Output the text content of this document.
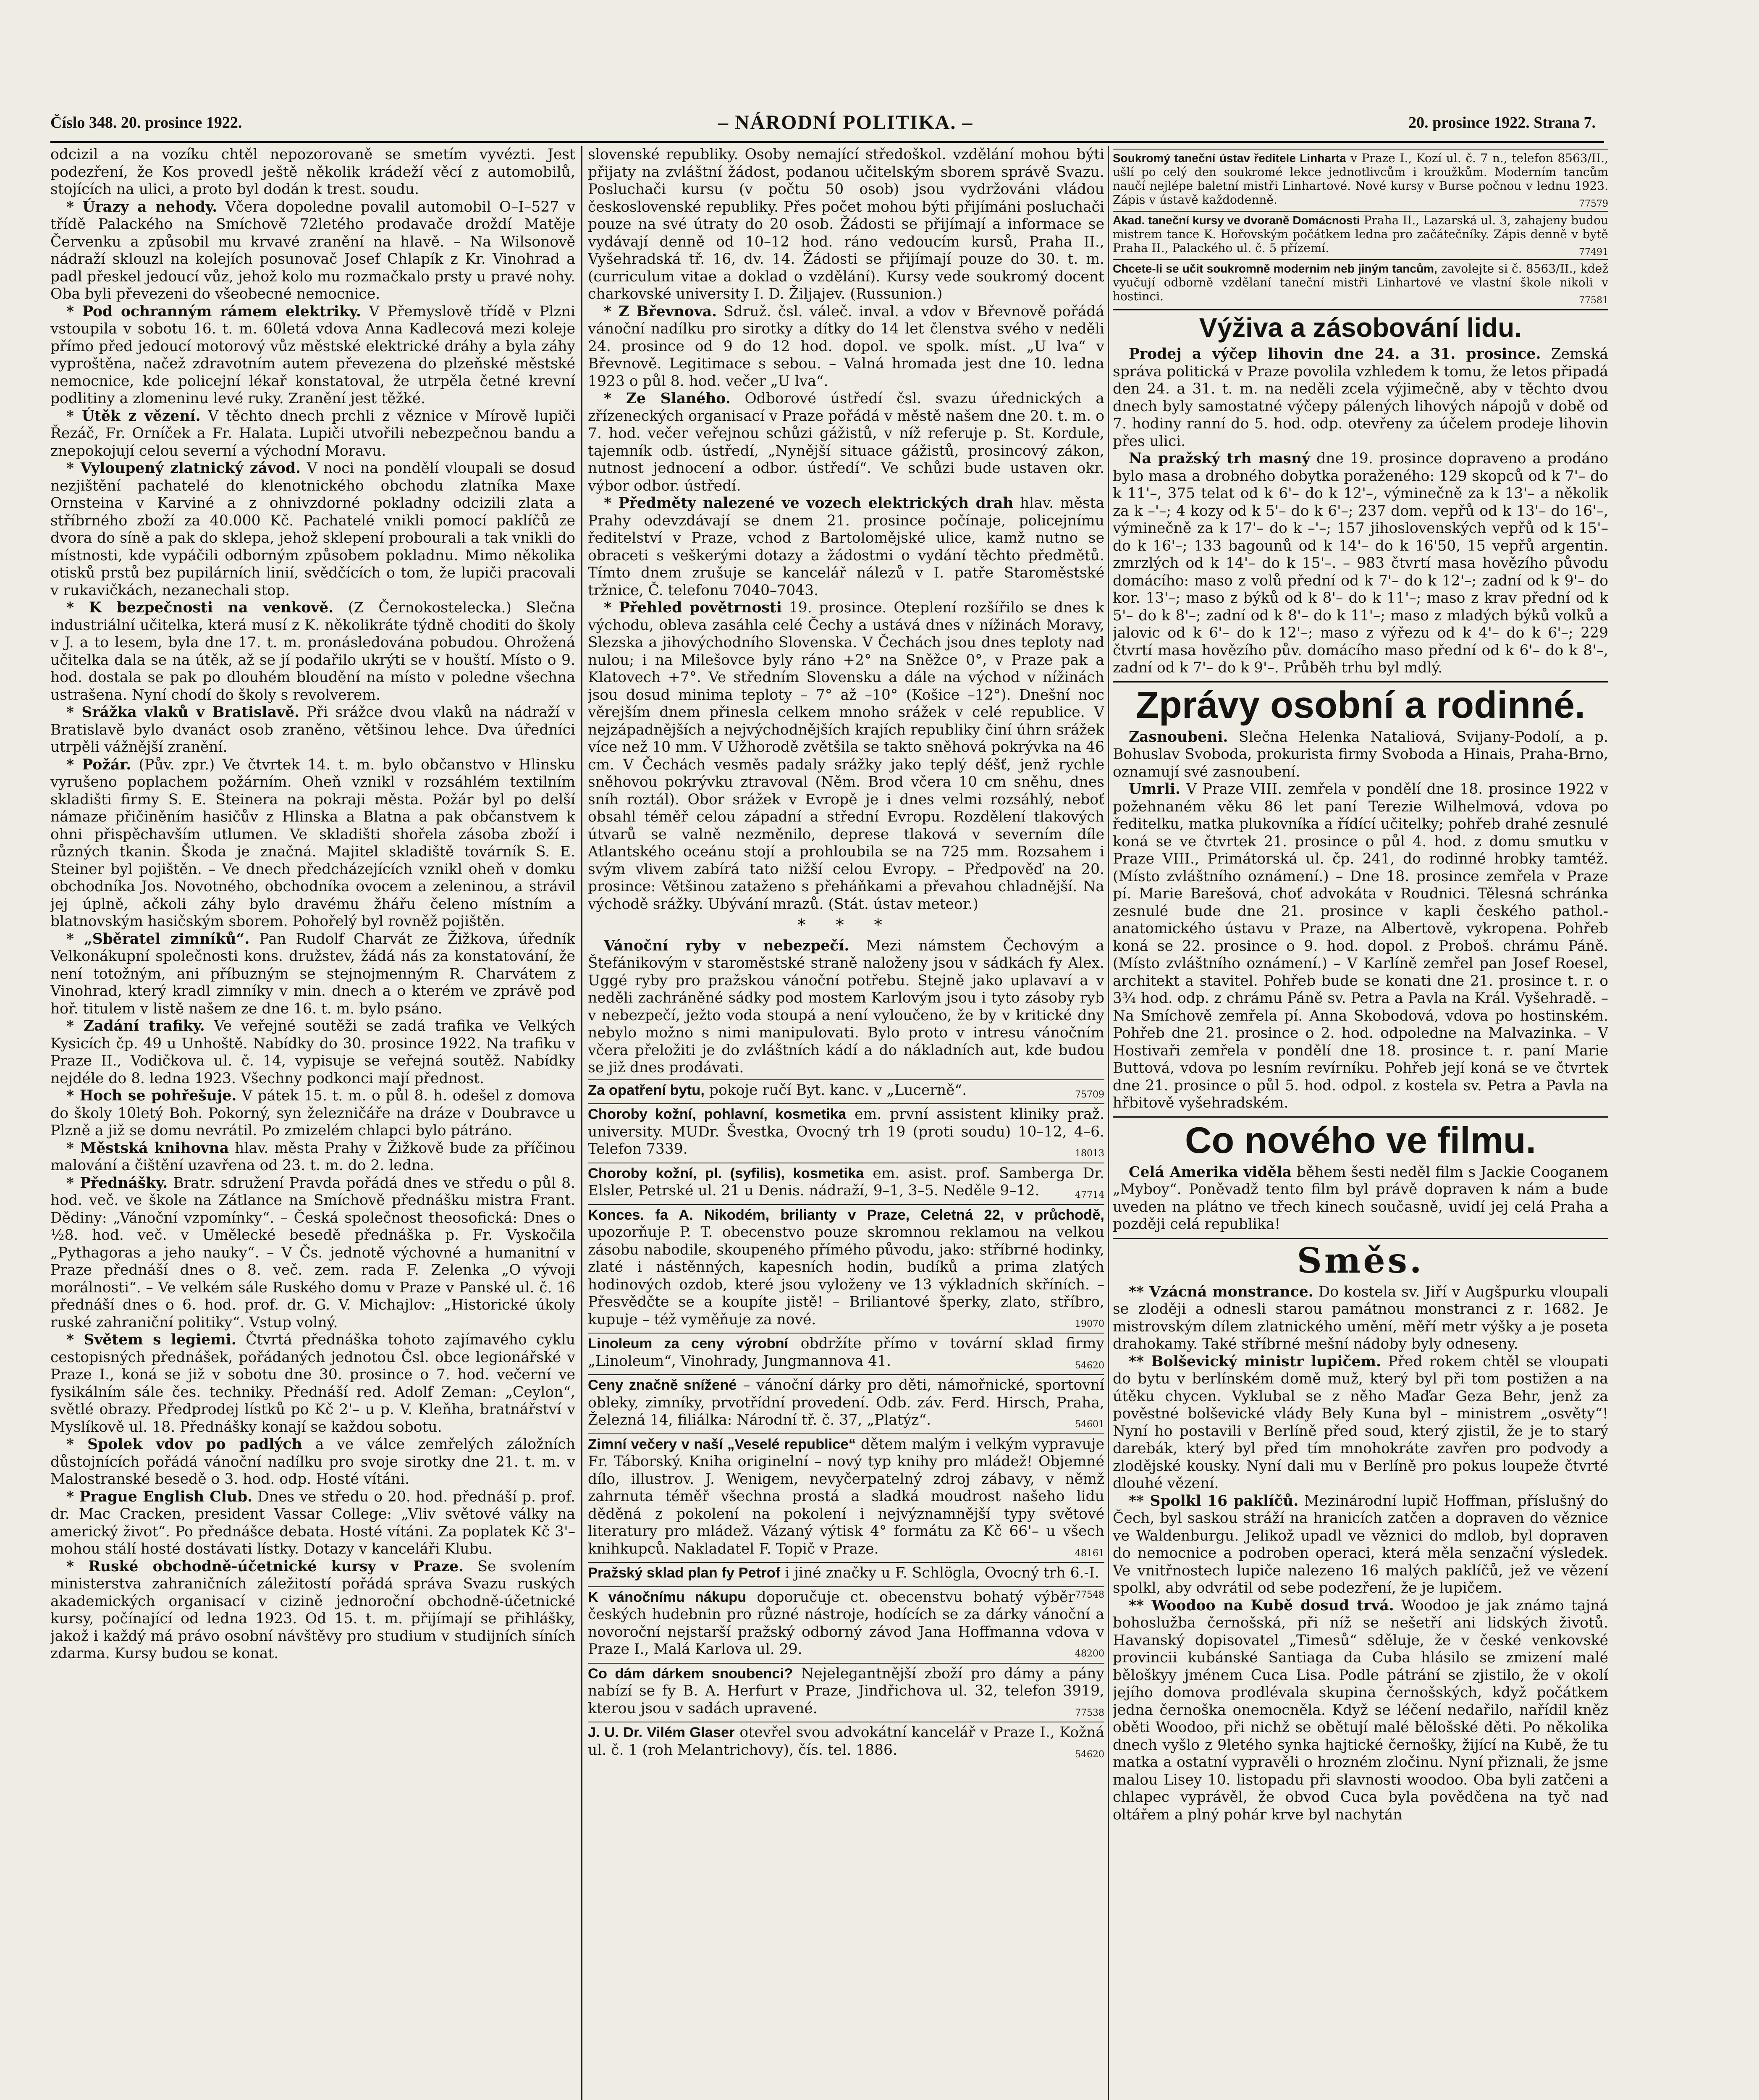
Číslo 348. 20. prosince 1922.	– NÁRODNÍ POLITIKA. –	20. prosince 1922. Strana 7.

odcizil a na vozíku chtěl nepozorovaně se smetím vyvézti. Jest podezření, že Kos provedl ještě několik krádeží věcí z automobilů, stojících na ulici, a proto byl dodán k trest. soudu.

* Úrazy a nehody. Včera dopoledne povalil automobil O–I–527 v třídě Palackého na Smíchově 72letého prodavače droždí Matěje Červenku a způsobil mu krvavé zranění na hlavě. – Na Wilsonově nádraží sklouzl na kolejích posunovač Josef Chlapík z Kr. Vinohrad a padl přeskel jedoucí vůz, jehož kolo mu rozmačkalo prsty u pravé nohy. Oba byli převezeni do všeobecné nemocnice.

* Pod ochranným rámem elektriky. V Přemyslově třídě v Plzni vstoupila v sobotu 16. t. m. 60letá vdova Anna Kadlecová mezi koleje přímo před jedoucí motorový vůz městské elektrické dráhy a byla záhy vyproštěna, načež zdravotním autem převezena do plzeňské městské nemocnice, kde policejní lékař konstatoval, že utrpěla četné krevní podlitiny a zlomeninu levé ruky. Zranění jest těžké.

* Útěk z vězení. V těchto dnech prchli z věznice v Mírově lupiči Řezáč, Fr. Orníček a Fr. Halata. Lupiči utvořili nebezpečnou bandu a znepokojují celou severní a východní Moravu.

* Vyloupený zlatnický závod. V noci na pondělí vloupali se dosud nezjištění pachatelé do klenotnického obchodu zlatníka Maxe Ornsteina v Karviné a z ohnivzdorné pokladny odcizili zlata a stříbrného zboží za 40.000 Kč. Pachatelé vnikli pomocí paklíčů ze dvora do síně a pak do sklepa, jehož sklepení probourali a tak vnikli do místnosti, kde vypáčili odborným způsobem pokladnu. Mimo několika otisků prstů bez pupilárních linií, svědčících o tom, že lupiči pracovali v rukavičkách, nezanechali stop.

* K bezpečnosti na venkově. (Z Černokostelecka.) Slečna industriální učitelka, která musí z K. několikráte týdně choditi do školy v J. a to lesem, byla dne 17. t. m. pronásledována pobudou. Ohrožená učitelka dala se na útěk, až se jí podařilo ukrýti se v houští. Místo o 9. hod. dostala se pak po dlouhém bloudění na místo v poledne všechna ustrašena. Nyní chodí do školy s revolverem.

* Srážka vlaků v Bratislavě. Při srážce dvou vlaků na nádraží v Bratislavě bylo dvanáct osob zraněno, většinou lehce. Dva úředníci utrpěli vážnější zranění.

* Požár. (Pův. zpr.) Ve čtvrtek 14. t. m. bylo občanstvo v Hlinsku vyrušeno poplachem požárním. Oheň vznikl v rozsáhlém textilním skladišti firmy S. E. Steinera na pokraji města. Požár byl po delší námaze přičiněním hasičův z Hlinska a Blatna a pak občanstvem k ohni přispěchavším utlumen. Ve skladišti shořela zásoba zboží i různých tkanin. Škoda je značná. Majitel skladiště továrník S. E. Steiner byl pojištěn. – Ve dnech předcházejících vznikl oheň v domku obchodníka Jos. Novotného, obchodníka ovocem a zeleninou, a strávil jej úplně, ačkoli záhy bylo dravému žhářu čeleno místním a blatnovským hasičským sborem. Pohořelý byl rovněž pojištěn.

* „Sběratel zimníků“. Pan Rudolf Charvát ze Žižkova, úředník Velkonákupní společnosti kons. družstev, žádá nás za konstatování, že není totožným, ani příbuzným se stejnojmenným R. Charvátem z Vinohrad, který kradl zimníky v min. dnech a o kterém ve zprávě pod hoř. titulem v listě našem ze dne 16. t. m. bylo psáno.

* Zadání trafiky. Ve veřejné soutěži se zadá trafika ve Velkých Kysicích čp. 49 u Unhoště. Nabídky do 30. prosince 1922. Na trafiku v Praze II., Vodičkova ul. č. 14, vypisuje se veřejná soutěž. Nabídky nejdéle do 8. ledna 1923. Všechny podkonci mají přednost.

* Hoch se pohřešuje. V pátek 15. t. m. o půl 8. h. odešel z domova do školy 10letý Boh. Pokorný, syn železničáře na dráze v Doubravce u Plzně a již se domu nevrátil. Po zmizelém chlapci bylo pátráno.

* Městská knihovna hlav. města Prahy v Žižkově bude za příčinou malování a čištění uzavřena od 23. t. m. do 2. ledna.

* Přednášky. Bratr. sdružení Pravda pořádá dnes ve středu o půl 8. hod. več. ve škole na Zátlance na Smíchově přednášku mistra Frant. Dědiny: „Vánoční vzpomínky“. – Česká společnost theosofická: Dnes o ½8. hod. več. v Umělecké besedě přednáška p. Fr. Vyskočila „Pythagoras a jeho nauky“. – V Čs. jednotě výchovné a humanitní v Praze přednáší dnes o 8. več. zem. rada F. Zelenka „O vývoji morálnosti“. – Ve velkém sále Ruského domu v Praze v Panské ul. č. 16 přednáší dnes o 6. hod. prof. dr. G. V. Michajlov: „Historické úkoly ruské zahraniční politiky“. Vstup volný.

* Světem s legiemi. Čtvrtá přednáška tohoto zajímavého cyklu cestopisných přednášek, pořádaných jednotou Čsl. obce legionářské v Praze I., koná se již v sobotu dne 30. prosince o 7. hod. večerní ve fysikálním sále čes. techniky. Přednáší red. Adolf Zeman: „Ceylon“, světlé obrazy. Předprodej lístků po Kč 2'– u p. V. Kleňha, bratnářství v Myslíkově ul. 18. Přednášky konají se každou sobotu.

* Spolek vdov po padlých a ve válce zemřelých záložních důstojnících pořádá vánoční nadílku pro svoje sirotky dne 21. t. m. v Malostranské besedě o 3. hod. odp. Hosté vítáni.

* Prague English Club. Dnes ve středu o 20. hod. přednáší p. prof. dr. Mac Cracken, president Vassar College: „Vliv světové války na americký život“. Po přednášce debata. Hosté vítáni. Za poplatek Kč 3'– mohou stálí hosté dostávati lístky. Dotazy v kanceláři Klubu.

* Ruské obchodně-účetnické kursy v Praze. Se svolením ministerstva zahraničních záležitostí pořádá správa Svazu ruských akademických organisací v cizině jednoroční obchodně-účetnické kursy, počínající od ledna 1923. Od 15. t. m. přijímají se přihlášky, jakož i každý má právo osobní návštěvy pro studium v studijních síních zdarma. Kursy budou se konat.

slovenské republiky. Osoby nemající středoškol. vzdělání mohou býti přijaty na zvláštní žádost, podanou učitelským sborem správě Svazu. Posluchači kursu (v počtu 50 osob) jsou vydržováni vládou československé republiky. Přes počet mohou býti přijímáni posluchači pouze na své útraty do 20 osob. Žádosti se přijímají a informace se vydávají denně od 10–12 hod. ráno vedoucím kursů, Praha II., Vyšehradská tř. 16, dv. 14. Žádosti se přijímají pouze do 30. t. m. (curriculum vitae a doklad o vzdělání). Kursy vede soukromý docent charkovské university I. D. Žiljajev. (Russunion.)

* Z Břevnova. Sdruž. čsl. váleč. inval. a vdov v Břevnově pořádá vánoční nadílku pro sirotky a dítky do 14 let členstva svého v neděli 24. prosince od 9 do 12 hod. dopol. ve spolk. míst. „U lva“ v Břevnově. Legitimace s sebou. – Valná hromada jest dne 10. ledna 1923 o půl 8. hod. večer „U lva“.

* Ze Slaného. Odborové ústředí čsl. svazu úřednických a zřízeneckých organisací v Praze pořádá v městě našem dne 20. t. m. o 7. hod. večer veřejnou schůzi gážistů, v níž referuje p. St. Kordule, tajemník odb. ústředí, „Nynější situace gážistů, prosincový zákon, nutnost jednocení a odbor. ústředí“. Ve schůzi bude ustaven okr. výbor odbor. ústředí.

* Předměty nalezené ve vozech elektrických drah hlav. města Prahy odevzdávají se dnem 21. prosince počínaje, policejnímu ředitelství v Praze, vchod z Bartolomějské ulice, kamž nutno se obraceti s veškerými dotazy a žádostmi o vydání těchto předmětů. Tímto dnem zrušuje se kancelář nálezů v I. patře Staroměstské tržnice, Č. telefonu 7040–7043.

* Přehled povětrnosti 19. prosince. Oteplení rozšířilo se dnes k východu, obleva zasáhla celé Čechy a ustává dnes v nížinách Moravy, Slezska a jihovýchodního Slovenska. V Čechách jsou dnes teploty nad nulou; i na Milešovce byly ráno +2° na Sněžce 0°, v Praze pak a Klatovech +7°. Ve středním Slovensku a dále na východ v nížinách jsou dosud minima teploty – 7° až –10° (Košice –12°). Dnešní noc věrejším dnem přinesla celkem mnoho srážek v celé republice. V nejzápadnějších a nejvýchodnějších krajích republiky činí úhrn srážek více než 10 mm. V Užhorodě zvětšila se takto sněhová pokrývka na 46 cm. V Čechách vesměs padaly srážky jako teplý déšť, jenž rychle sněhovou pokrývku ztravoval (Něm. Brod včera 10 cm sněhu, dnes sníh roztál). Obor srážek v Evropě je i dnes velmi rozsáhlý, neboť obsahl téměř celou západní a střední Evropu. Rozdělení tlakových útvarů se valně nezměnilo, deprese tlaková v severním díle Atlantského oceánu stojí a prohloubila se na 725 mm. Rozsahem i svým vlivem zabírá tato nižší celou Evropy. – Předpověď na 20. prosince: Většinou zataženo s přeháňkami a převahou chladnější. Na východě srážky. Ubývání mrazů. (Stát. ústav meteor.)

* * *

Vánoční ryby v nebezpečí. Mezi námstem Čechovým a Štefánikovým v staroměstské straně naloženy jsou v sádkách fy Alex. Uggé ryby pro pražskou vánoční potřebu. Stejně jako uplavaví a v neděli zachráněné sádky pod mostem Karlovým jsou i tyto zásoby ryb v nebezpečí, ježto voda stoupá a není vyloučeno, že by v kritické dny nebylo možno s nimi manipulovati. Bylo proto v intresu vánočním včera přeložiti je do zvláštních kádí a do nákladních aut, kde budou se již dnes prodávati.

Za opatření bytu, pokoje ručí Byt. kanc. v „Lucerně“.	75709
Choroby kožní, pohlavní, kosmetika em. první assistent kliniky praž. university. MUDr. Švestka, Ovocný trh 19 (proti soudu) 10–12, 4–6. Telefon 7339.	18013
Choroby kožní, pl. (syfilis), kosmetika em. asist. prof. Samberga Dr. Elsler, Petrské ul. 21 u Denis. nádraží, 9–1, 3–5. Neděle 9–12.	47714
Konces. fa A. Nikodém, brilianty v Praze, Celetná 22, v průchodě, upozorňuje P. T. obecenstvo pouze skromnou reklamou na velkou zásobu nabodile, skoupeného přímého původu, jako: stříbrné hodinky, zlaté i nástěnných, kapesních hodin, budíků a prima zlatých hodinových ozdob, které jsou vyloženy ve 13 výkladních skříních. – Přesvědčte se a koupíte jistě! – Briliantové šperky, zlato, stříbro, kupuje – též vyměňuje za nové.	19070
Linoleum za ceny výrobní obdržíte přímo v tovární sklad firmy „Linoleum“, Vinohrady, Jungmannova 41.	54620
Ceny značně snížené – vánoční dárky pro děti, námořnické, sportovní obleky, zimníky, prvotřídní provedení. Odb. záv. Ferd. Hirsch, Praha, Železná 14, filiálka: Národní tř. č. 37, „Platýz“.	54601
Zimní večery v naší „Veselé republice“ dětem malým i velkým vypravuje Fr. Táborský. Kniha originelní – nový typ knihy pro mládež! Objemné dílo, illustrov. J. Wenigem, nevyčerpatelný zdroj zábavy, v němž zahrnuta téměř všechna prostá a sladká moudrost našeho lidu děděná z pokolení na pokolení i nejvýznamnější typy světové literatury pro mládež. Vázaný výtisk 4° formátu za Kč 66'– u všech knihkupců. Nakladatel F. Topič v Praze.	48161
Pražský sklad plan fy Petrof i jiné značky u F. Schlögla, Ovocný trh 6.-I.
77548
K vánočnímu nákupu doporučuje ct. obecenstvu bohatý výběr českých hudebnin pro různé nástroje, hodících se za dárky vánoční a novoroční nejstarší pražský odborný závod Jana Hoffmanna vdova v Praze I., Malá Karlova ul. 29.	48200
Co dám dárkem snoubenci? Nejelegantnější zboží pro dámy a pány nabízí se fy B. A. Herfurt v Praze, Jindřichova ul. 32, telefon 3919, kterou jsou v sadách upravené.	77538
J. U. Dr. Vilém Glaser otevřel svou advokátní kancelář v Praze I., Kožná ul. č. 1 (roh Melantrichovy), čís. tel. 1886.	54620
Soukromý taneční ústav ředitele Linharta v Praze I., Kozí ul. č. 7 n., telefon 8563/II., ušlí po celý den soukromé lekce jednotlivcům i kroužkům. Moderním tancům naučí nejlépe baletní mistři Linhartové. Nové kursy v Burse počnou v lednu 1923. Zápis v ústavě každodenně.	77579
Akad. taneční kursy ve dvoraně Domácnosti Praha II., Lazarská ul. 3, zahajeny budou mistrem tance K. Hořovským počátkem ledna pro začátečníky. Zápis denně v bytě Praha II., Palackého ul. č. 5 přízemí.	77491
Chcete-li se učit soukromně modernim neb jiným tancům, zavolejte si č. 8563/II., kdež vyučují odborně vzdělaní taneční mistři Linhartové ve vlastní škole nikoli v hostinci.	77581
Výživa a zásobování lidu.

Prodej a výčep lihovin dne 24. a 31. prosince. Zemská správa politická v Praze povolila vzhledem k tomu, že letos připadá den 24. a 31. t. m. na neděli zcela výjimečně, aby v těchto dvou dnech byly samostatné výčepy pálených lihových nápojů v době od 7. hodiny ranní do 5. hod. odp. otevřeny za účelem prodeje lihovin přes ulici.

Na pražský trh masný dne 19. prosince dopraveno a prodáno bylo masa a drobného dobytka poraženého: 129 skopců od k 7'– do k 11'–, 375 telat od k 6'– do k 12'–, výminečně za k 13'– a několik za k –'–; 4 kozy od k 5'– do k 6'–; 237 dom. vepřů od k 13'– do 16'–, výminečně za k 17'– do k –'–; 157 jihoslovenských vepřů od k 15'– do k 16'–; 133 bagounů od k 14'– do k 16'50, 15 vepřů argentin. zmrzlých od k 14'– do k 15'–. – 983 čtvrtí masa hovězího původu domácího: maso z volů přední od k 7'– do k 12'–; zadní od k 9'– do kor. 13'–; maso z býků od k 8'– do k 11'–; maso z krav přední od k 5'– do k 8'–; zadní od k 8'– do k 11'–; maso z mladých býků volků a jalovic od k 6'– do k 12'–; maso z výřezu od k 4'– do k 6'–; 229 čtvrtí masa hovězího pův. domácího maso přední od k 6'– do k 8'–, zadní od k 7'– do k 9'–. Průběh trhu byl mdlý.

Zprávy osobní a rodinné.

Zasnoubeni. Slečna Helenka Nataliová, Svijany-Podolí, a p. Bohuslav Svoboda, prokurista firmy Svoboda a Hinais, Praha-Brno, oznamují své zasnoubení.

Umrli. V Praze VIII. zemřela v pondělí dne 18. prosince 1922 v požehnaném věku 86 let paní Terezie Wilhelmová, vdova po ředitelku, matka plukovníka a řídící učitelky; pohřeb drahé zesnulé koná se ve čtvrtek 21. prosince o půl 4. hod. z domu smutku v Praze VIII., Primátorská ul. čp. 241, do rodinné hrobky tamtéž. (Místo zvláštního oznámení.) – Dne 18. prosince zemřela v Praze pí. Marie Barešová, choť advokáta v Roudnici. Tělesná schránka zesnulé bude dne 21. prosince v kapli českého pathol.-anatomického ústavu v Praze, na Albertově, vykropena. Pohřeb koná se 22. prosince o 9. hod. dopol. z Proboš. chrámu Páně. (Místo zvláštního oznámení.) – V Karlíně zemřel pan Josef Roesel, architekt a stavitel. Pohřeb bude se konati dne 21. prosince t. r. o 3¾ hod. odp. z chrámu Páně sv. Petra a Pavla na Král. Vyšehradě. – Na Smíchově zemřela pí. Anna Skobodová, vdova po hostinském. Pohřeb dne 21. prosince o 2. hod. odpoledne na Malvazinka. – V Hostivaři zemřela v pondělí dne 18. prosince t. r. paní Marie Buttová, vdova po lesním revírníku. Pohřeb její koná se ve čtvrtek dne 21. prosince o půl 5. hod. odpol. z kostela sv. Petra a Pavla na hřbitově vyšehradském.

Co nového ve filmu.

Celá Amerika viděla během šesti neděl film s Jackie Cooganem „Myboy“. Poněvadž tento film byl právě dopraven k nám a bude uveden na plátno ve třech kinech současně, uvidí jej celá Praha a později celá republika!

Směs.

** Vzácná monstrance. Do kostela sv. Jiří v Augšpurku vloupali se zloději a odnesli starou památnou monstranci z r. 1682. Je mistrovským dílem zlatnického umění, měří metr výšky a je poseta drahokamy. Také stříbrné mešní nádoby byly odneseny.

** Bolševický ministr lupičem. Před rokem chtěl se vloupati do bytu v berlínském domě muž, který byl při tom postižen a na útěku chycen. Vyklubal se z něho Maďar Geza Behr, jenž za pověstné bolševické vlády Bely Kuna byl – ministrem „osvěty“! Nyní ho postavili v Berlíně před soud, který zjistil, že je to starý darebák, který byl před tím mnohokráte zavřen pro podvody a zlodějské kousky. Nyní dali mu v Berlíně pro pokus loupeže čtvrté dlouhé vězení.

** Spolkl 16 paklíčů. Mezinárodní lupič Hoffman, příslušný do Čech, byl saskou stráží na hranicích zatčen a dopraven do věznice ve Waldenburgu. Jelikož upadl ve věznici do mdlob, byl dopraven do nemocnice a podroben operaci, která měla senzační výsledek. Ve vnitřnostech lupiče nalezeno 16 malých paklíčů, jež ve vězení spolkl, aby odvrátil od sebe podezření, že je lupičem.

** Woodoo na Kubě dosud trvá. Woodoo je jak známo tajná bohoslužba černošská, při níž se nešetří ani lidských životů. Havanský dopisovatel „Timesů“ sděluje, že v české venkovské provincii kubánské Santiaga da Cuba hlásilo se zmizení malé běloškyy jménem Cuca Lisa. Podle pátrání se zjistilo, že v okolí jejího domova prodlévala skupina černošských, když počátkem jedna černoška onemocněla. Když se léčení nedařilo, nařídil kněz oběti Woodoo, při nichž se obětují malé bělošské děti. Po několika dnech vyšlo z 9letého synka hajtické černošky, žijící na Kubě, že tu matka a ostatní vypravěli o hrozném zločinu. Nyní přiznali, že jsme malou Lisey 10. listopadu při slavnosti woodoo. Oba byli zatčeni a chlapec vyprávěl, že obvod Cuca byla povědčena na tyč nad oltářem a plný pohár krve byl nachytán
